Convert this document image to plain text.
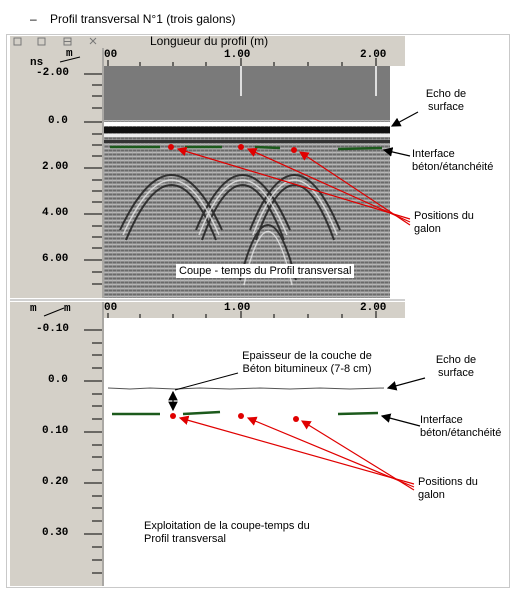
– Profil transversal N°1 (trois galons)
Longueur du profil (m)
m
ns
-2.00
0.0
2.00
4.00
6.00
00	1.00	2.00
Coupe - temps du Profil transversal
Echo de
surface
Interface
béton/étanchéité
Positions du
galon
m m
-0.10
0.0
0.10
0.20
0.30
00	1.00	2.00
Epaisseur de la couche de
Béton bitumineux (7-8 cm)
Echo de
surface
Interface
béton/étanchéité
Positions du
galon
Exploitation de la coupe-temps du
Profil transversal
